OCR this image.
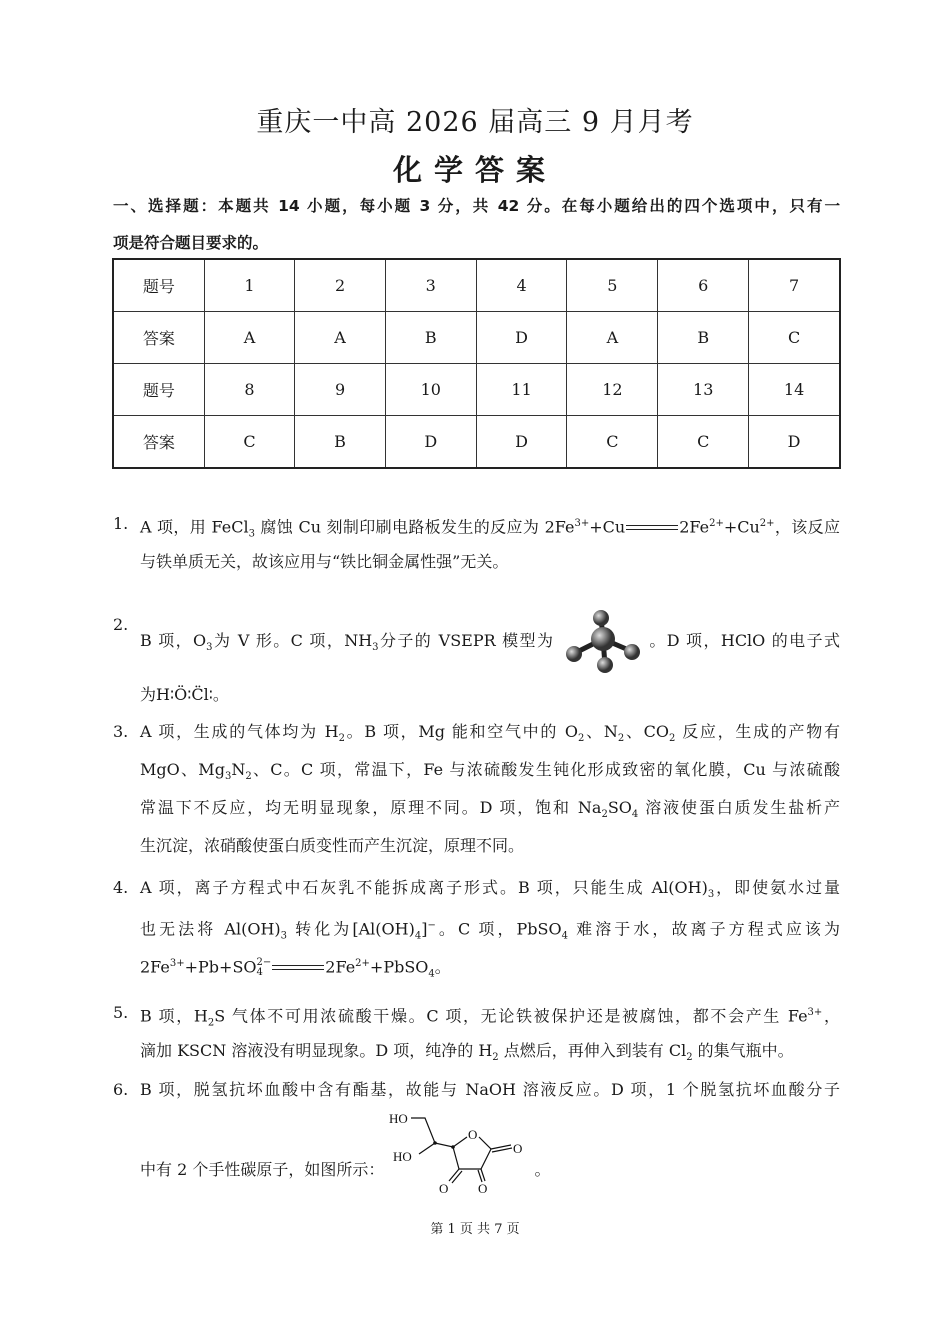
重庆一中高 2026 届高三 9 月月考
化学答案
一、选择题：本题共 14 小题，每小题 3 分，共 42 分。在每小题给出的四个选项中，只有一
项是符合题目要求的。
题号	1	2	3	4	5	6	7
答案	A	A	B	D	A	B	C
题号	8	9	10	11	12	13	14
答案	C	B	D	D	C	C	D
1. A 项，用 FeCl$_3$ 腐蚀 Cu 刻制印刷电路板发生的反应为 $2Fe^{3+}+Cu$	$2Fe^{2+}+Cu^{2+}$，该反应
与铁单质无关，故该应用与“铁比铜金属性强”无关。
2.
B 项，$O_3$为 V 形。C 项，$NH_3$分子的 VSEPR 模型为	。D 项，HClO 的电子式
为H∶Ö∶C̈l∶。
3. A 项，生成的气体均为 $H_2$。B 项，Mg 能和空气中的 $O_2$、$N_2$、$CO_2$ 反应，生成的产物有
MgO、$Mg_3N_2$、C。C 项，常温下，Fe 与浓硫酸发生钝化形成致密的氧化膜，Cu 与浓硫酸
常温下不反应，均无明显现象，原理不同。D 项，饱和 $Na_2SO_4$ 溶液使蛋白质发生盐析产
生沉淀，浓硝酸使蛋白质变性而产生沉淀，原理不同。
4. A 项，离子方程式中石灰乳不能拆成离子形式。B 项，只能生成 $Al(OH)_3$，即使氨水过量
也无法将 $Al(OH)_3$ 转化为$[Al(OH)_4]^-$。C 项，PbSO$_4$ 难溶于水，故离子方程式应该为
$2Fe^{3+}+Pb+SO$ 2−
4	$2Fe^{2+}+PbSO_4$。
5. B 项，$H_2S$ 气体不可用浓硫酸干燥。C 项，无论铁被保护还是被腐蚀，都不会产生 $Fe^{3+}$，
滴加 KSCN 溶液没有明显现象。D 项，纯净的 $H_2$ 点燃后，再伸入到装有 $Cl_2$ 的集气瓶中。
6. B 项，脱氢抗坏血酸中含有酯基，故能与 NaOH 溶液反应。D 项，1 个脱氢抗坏血酸分子
中有 2 个手性碳原子，如图所示：
HO
HO
O
O
O O
。
第 1 页 共 7 页
